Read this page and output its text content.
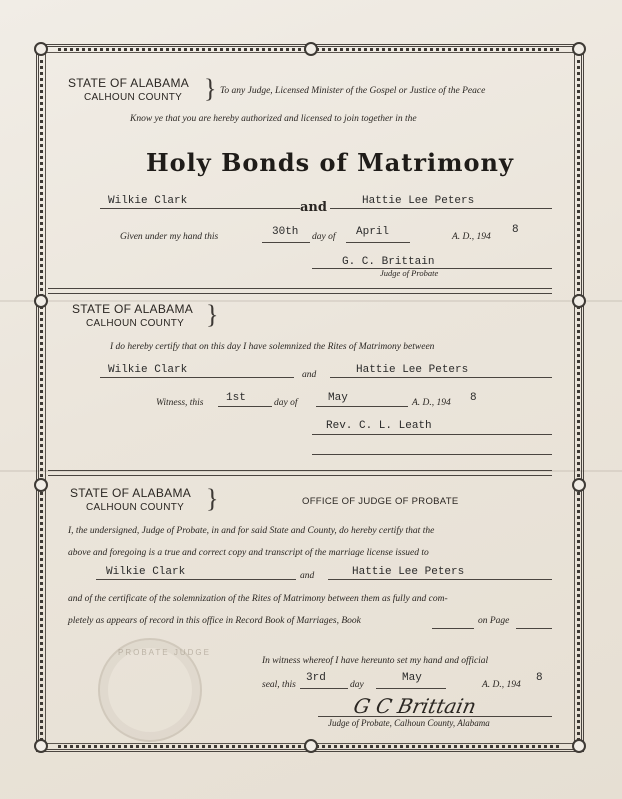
STATE OF ALABAMA
CALHOUN COUNTY } To any Judge, Licensed Minister of the Gospel or Justice of the Peace
Know ye that you are hereby authorized and licensed to join together in the
Holy Bonds of Matrimony
Wilkie Clark	and	Hattie Lee Peters
Given under my hand this	30th day of April	A. D., 194
8
G. C. Brittain
Judge of Probate
STATE OF ALABAMA
CALHOUN COUNTY }
I do hereby certify that on this day I have solemnized the Rites of Matrimony between
Wilkie Clark	and	Hattie Lee Peters
Witness, this 1st	day of	May	A. D., 194 8
Rev. C. L. Leath
STATE OF ALABAMA
CALHOUN COUNTY }	OFFICE OF JUDGE OF PROBATE
I, the undersigned, Judge of Probate, in and for said State and County, do hereby certify that the
above and foregoing is a true and correct copy and transcript of the marriage license issued to
Wilkie Clark	and	Hattie Lee Peters
and of the certificate of the solemnization of the Rites of Matrimony between them as fully and com-
pletely as appears of record in this office in Record Book of Marriages, Book	on Page
PROBATE JUDGE
In witness whereof I have hereunto set my hand and official
seal, this
3rd
day
May
A. D., 194
8
G C Brittain
Judge of Probate, Calhoun County, Alabama
